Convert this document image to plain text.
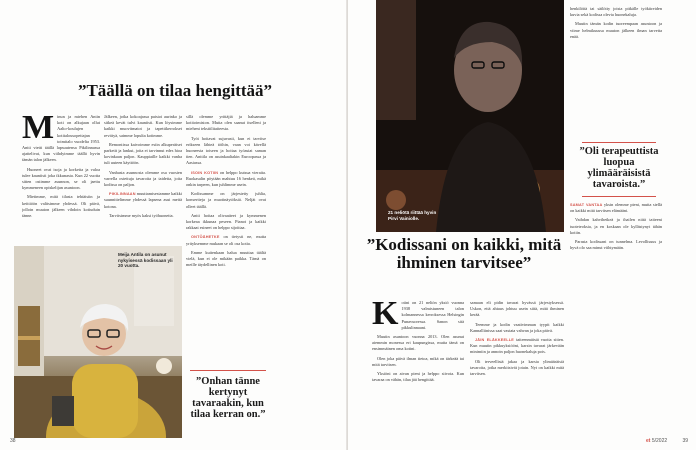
”Täällä on tilaa hengittää”
M inun ja miehen Antin koti on alkujaan ollut Aalto-koulujen kotitalousopettajan toimitalo vuodelta 1953. Antti vietti täällä lapsuutensa Pikilinnassa ajattelivat, kun viihdyimme täällä hyvin tämän talon jälkeen.

Huoneet ovat isoja ja korkeita ja valoa tulee kauniisti joka ikkunasta. Kun 22 vuotta sitten ostimme asunnon, se oli jaettu kymmeneen opiskelijan asuntoon.

Mietimme, mitä tilasta tehtäisiin ja keittiöön valitsimme yhdessä. Oli päivä, jolloin muuton jälkeen vihdoin kotiuduin tänne.

Meija Antila on asunut nykyisessä kodissaan yli 20 vuotta.

Jälkeen, jotka kokoajassa paistoi aurinko ja sitkeä kevät tulvi kauniisti. Kun löysimme kaikki muovitmatot ja tapettikerrokset revittyä, saimme lopulta kotimme.

Remontissa kaivoimme esiin alkuperäiset parketit ja lankut, joita ei tarvinnut edes hioa kovinkaan paljon. Kauppiaille kaikki vanha tuli uuteen käyttöön.

Vanhasta asunnosta olemme osa vuosien varrella ostettuja tavaroita ja taidetta, joita kodissa on paljon.

PIKILINNAAN muuttamisestamme kaikki suunnittelimme yhdessä lapsena asui meitä kotona.

Tarvitsimme myös kaksi työhuonetta.

sillä olemme yrittäjiä ja haluamme kotitoimiston. Mutta olen saanut itselleni ja mieheni tekstiilitaiteesta.

Työt hoitavat sujuvasti, kun ei tarvitse erikseen lähteä töihin, vaan voi kävellä huoneesta toiseen ja hoitaa työasiat saman tien. Anttila on asuinkaaltakin Euroopassa ja Aasiassa.

ISOIN KOTIIN on helppo kutsua vieraita. Ruokasalin pöytään mahtuu 16 henkeä, mikä onkin tarpeen, kun juhlimme usein.

Kodissamme on järjestetty juhlia, konsertteja ja muotinäytöksiä. Neljät ovat olleet täällä.

Antti hoitaa olivaatteet ja kymmenen korkeaa ikkunaa peseen. Pianot ja kaikki rakkaat esineet on helppo sijoittaa.

ONTÖÄHETKE on tietysti ne, mutta yrityksemme mukaan se oli osa kotia.

Emme kuitenkaan halua muuttaa täältä vielä, kun ei ole mikään paikka. Tämä on meille täydellinen koti.

”Onhan tänne kertynyt tavaraakin, kun tilaa kerran on.”
38
21 neliötä riittää hyvin Pirvi Vainiolle.

henkilöitä tai säilötty joista pitkälle työkiireiden kuvia sekä kodissa olevia huonekaluja.

Muutin tämän kodin tuoreempaan asuntoon ja viime helmikuussa muuton jälkeen ilman tarvetta enää.

”Oli terapeuttista luopua ylimääräisistä tavaroista.”

SAMAT VANTAA yksin olemme pieni, mutta siellä on kaikki mitä tarvitsen elämääni.

Vaihdan kahvihetkeä ja ihailen niitä taiteeni tuoteteoksia, ja en koskaan ole kyllästynyt tähän kotiin.

Parasta kodissani on tunnelma. Levollisuus ja hyvä olo saa minut viihtymään.

”Kodissani on kaikki, mitä ihminen tarvitsee”
K otini on 21 neliön yksiö vuonna 1938 valmistuneen talon kolmannessa kerroksessa Helsingin Punavuoressa. Sanon sitä pikkulinnaani.

Muutin asuntoon vuonna 2013. Olen asunut aiemmin monessa eri kaupungissa, mutta tämä on ensimmäinen oma kotini.

Olen joka päivä ilman tietoa, mikä on tärkeää tai mitä tarvitsen.

Yksiöni on aivan pieni ja helppo siivota. Kun tavaraa on vähän, tilaa jää hengittää.

samaan eli pidin tavarat hyvässä järjestyksessä. Uskon, että ahtaus johtuu usein siitä, mitä ihminen kerää.

Teemme ja kodin vaativimman tyypit kaikki Kannalliinissa saat vastata vahvan ja joka päivä.

JÄIN ELÄKKEELLE taiteenmäistä vuotta sitten. Kun muutin pikkuyksiööni, karsin tavarat järkevään minimiin ja annoin paljon huonekaluja pois.

Oli terveellistä jakaa ja karsia ylimääräisiä tavaroita, jotka merkitsivät jotain. Nyt on kaikki mitä tarvitsen.

et 5/2022	39
